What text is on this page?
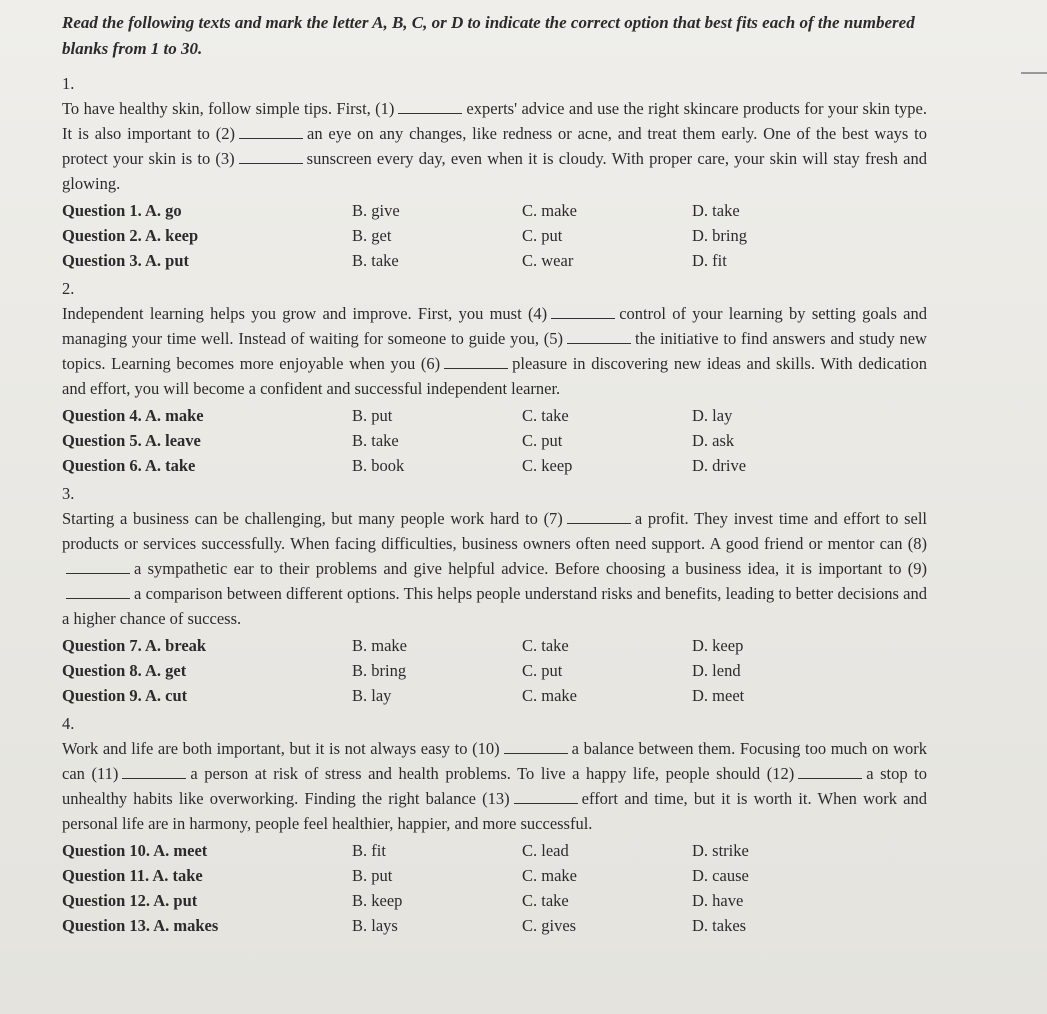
Read the following texts and mark the letter A, B, C, or D to indicate the correct option that best fits each of the numbered blanks from 1 to 30.

1.

To have healthy skin, follow simple tips. First, (1)	experts' advice and use the right skincare products for your skin type. It is also important to (2)	an eye on any changes, like redness or acne, and treat them early. One of the best ways to protect your skin is to (3)	sunscreen every day, even when it is cloudy. With proper care, your skin will stay fresh and glowing.

Question 1. A. go	B. give	C. make	D. take
Question 2. A. keep	B. get	C. put	D. bring
Question 3. A. put	B. take	C. wear	D. fit

2.

Independent learning helps you grow and improve. First, you must (4)	control of your learning by setting goals and managing your time well. Instead of waiting for someone to guide you, (5)	the initiative to find answers and study new topics. Learning becomes more enjoyable when you (6)	pleasure in discovering new ideas and skills. With dedication and effort, you will become a confident and successful independent learner.

Question 4. A. make	B. put	C. take	D. lay
Question 5. A. leave	B. take	C. put	D. ask
Question 6. A. take	B. book	C. keep	D. drive

3.

Starting a business can be challenging, but many people work hard to (7)	a profit. They invest time and effort to sell products or services successfully. When facing difficulties, business owners often need support. A good friend or mentor can (8)a sympathetic ear to their problems and give helpful advice. Before choosing a business idea, it is important to (9)a comparison between different options. This helps people understand risks and benefits, leading to better decisions and a higher chance of success.

Question 7. A. break	B. make	C. take	D. keep
Question 8. A. get	B. bring	C. put	D. lend
Question 9. A. cut	B. lay	C. make	D. meet

4.

Work and life are both important, but it is not always easy to (10)	a balance between them. Focusing too much on work can (11)	a person at risk of stress and health problems. To live a happy life, people should (12)	a stop to unhealthy habits like overworking. Finding the right balance (13)	effort and time, but it is worth it. When work and personal life are in harmony, people feel healthier, happier, and more successful.

Question 10. A. meet	B. fit	C. lead	D. strike
Question 11. A. take	B. put	C. make	D. cause
Question 12. A. put	B. keep	C. take	D. have
Question 13. A. makes	B. lays	C. gives	D. takes
